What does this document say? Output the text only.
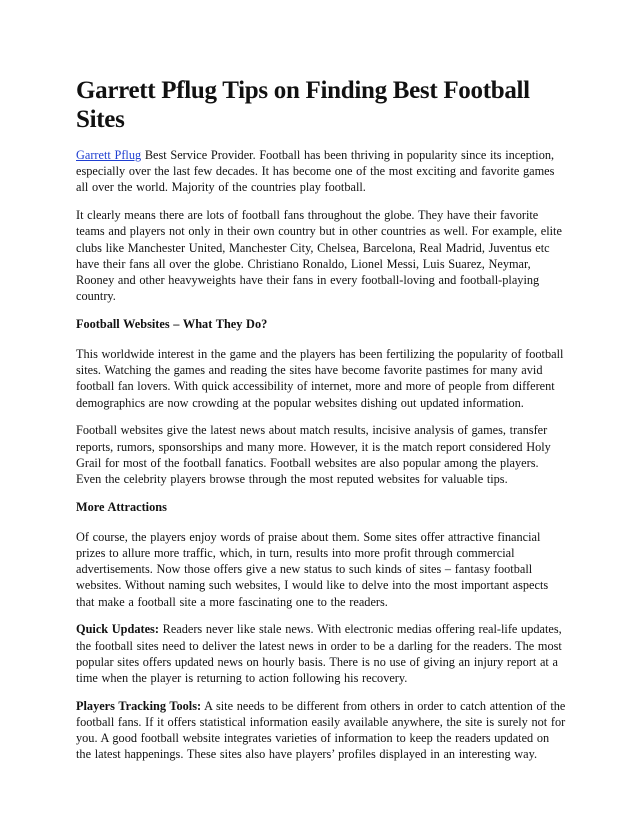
Garrett Pflug Tips on Finding Best Football Sites

Garrett Pflug Best Service Provider. Football has been thriving in popularity since its inception, especially over the last few decades. It has become one of the most exciting and favorite games all over the world. Majority of the countries play football.

It clearly means there are lots of football fans throughout the globe. They have their favorite teams and players not only in their own country but in other countries as well. For example, elite clubs like Manchester United, Manchester City, Chelsea, Barcelona, Real Madrid, Juventus etc have their fans all over the globe. Christiano Ronaldo, Lionel Messi, Luis Suarez, Neymar, Rooney and other heavyweights have their fans in every football-loving and football-playing country.

Football Websites – What They Do?

This worldwide interest in the game and the players has been fertilizing the popularity of football sites. Watching the games and reading the sites have become favorite pastimes for many avid football fan lovers. With quick accessibility of internet, more and more of people from different demographics are now crowding at the popular websites dishing out updated information.

Football websites give the latest news about match results, incisive analysis of games, transfer reports, rumors, sponsorships and many more. However, it is the match report considered Holy Grail for most of the football fanatics. Football websites are also popular among the players. Even the celebrity players browse through the most reputed websites for valuable tips.

More Attractions

Of course, the players enjoy words of praise about them. Some sites offer attractive financial prizes to allure more traffic, which, in turn, results into more profit through commercial advertisements. Now those offers give a new status to such kinds of sites – fantasy football websites. Without naming such websites, I would like to delve into the most important aspects that make a football site a more fascinating one to the readers.

Quick Updates: Readers never like stale news. With electronic medias offering real-life updates, the football sites need to deliver the latest news in order to be a darling for the readers. The most popular sites offers updated news on hourly basis. There is no use of giving an injury report at a time when the player is returning to action following his recovery.

Players Tracking Tools: A site needs to be different from others in order to catch attention of the football fans. If it offers statistical information easily available anywhere, the site is surely not for you. A good football website integrates varieties of information to keep the readers updated on the latest happenings. These sites also have players’ profiles displayed in an interesting way.
